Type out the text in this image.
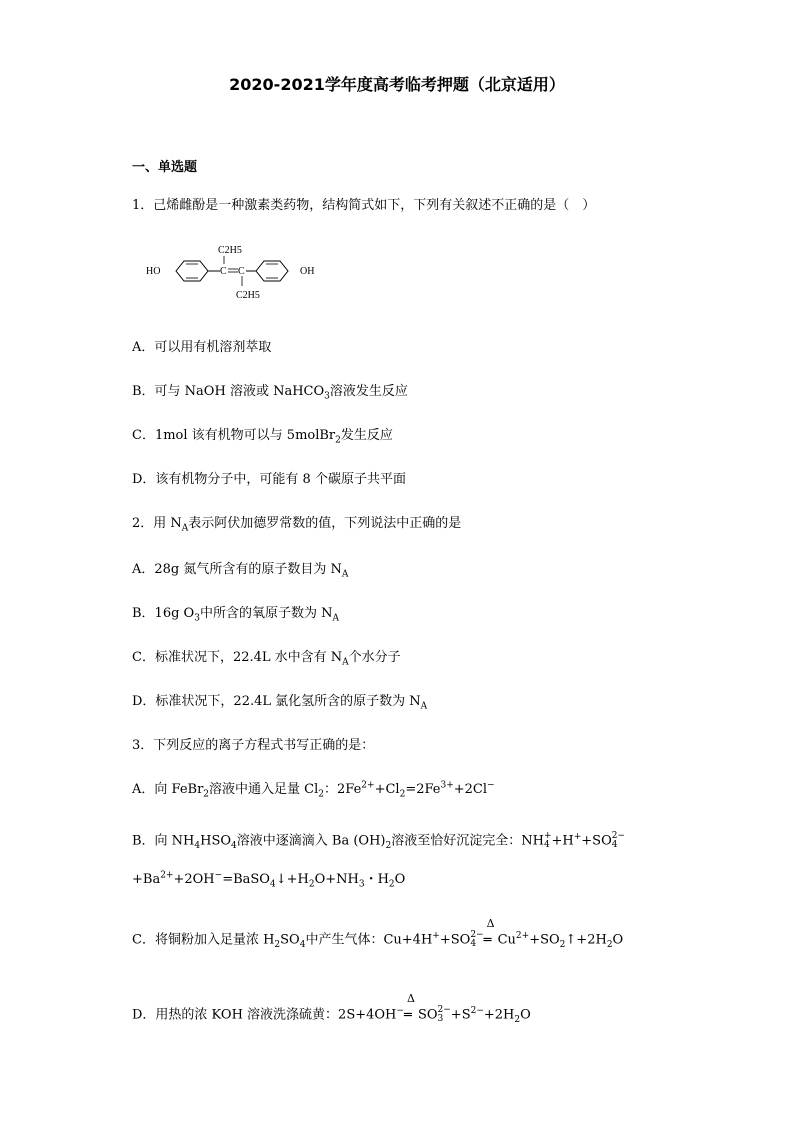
2020-2021学年度高考临考押题（北京适用）
一、单选题
1．己烯雌酚是一种激素类药物，结构简式如下，下列有关叙述不正确的是（　）
HO	C C
C2H5
C2H5
OH
A．可以用有机溶剂萃取
B．可与 NaOH 溶液或 NaHCO$_3$溶液发生反应
C．1mol 该有机物可以与 5molBr$_2$发生反应
D．该有机物分子中，可能有 8 个碳原子共平面
2．用 $N_A$表示阿伏加德罗常数的值，下列说法中正确的是
A．28g 氮气所含有的原子数目为 $N_A$
B．16g $O_3$中所含的氧原子数为 $N_A$
C．标准状况下，22.4L 水中含有 $N_A$个水分子
D．标准状况下，22.4L 氯化氢所含的原子数为 $N_A$
3．下列反应的离子方程式书写正确的是：
A．向 FeBr$_2$溶液中通入足量 $Cl_2$：$2Fe^{2+}+Cl_2=2Fe^{3+}+2Cl^-$
B．向 $NH_4HSO_4$溶液中逐滴滴入 Ba $(OH)_2$溶液至恰好沉淀完全：NH +
4 +H++SO 2−
4
$+Ba^{2+}+2OH^-=BaSO_4↓+H_2O+NH_3$・$H_2O$
C．将铜粉加入足量浓 $H_2SO_4$中产生气体：Cu+4H++SO 2−
4
Δ
═ $Cu^{2+}+SO_2↑+2H_2O$
D．用热的浓 KOH 溶液洗涤硫黄：2S+4OH−
Δ
═ SO 2−
$3 +S^{2-}+2H_2O$
